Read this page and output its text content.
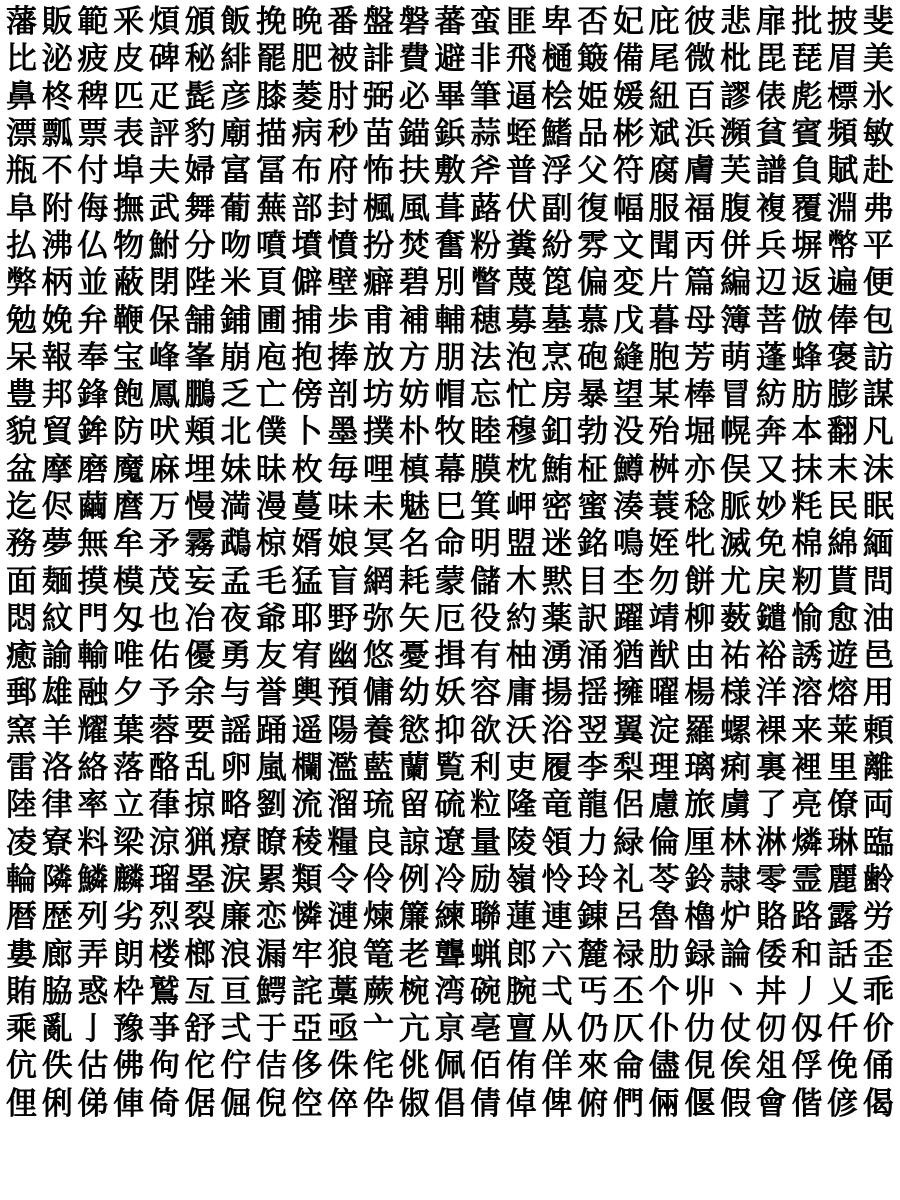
藩 販 範 釆 煩 頒 飯 挽 晩 番 盤 磐 蕃 蛮 匪 卑 否 妃 庇 彼 悲 扉 批 披 斐
比 泌 疲 皮 碑 秘 緋 罷 肥 被 誹 費 避 非 飛 樋 簸 備 尾 微 枇 毘 琵 眉 美
鼻 柊 稗 匹 疋 髭 彦 膝 菱 肘 弼 必 畢 筆 逼 桧 姫 媛 紐 百 謬 俵 彪 標 氷
漂 瓢 票 表 評 豹 廟 描 病 秒 苗 錨 鋲 蒜 蛭 鰭 品 彬 斌 浜 瀕 貧 賓 頻 敏
瓶 不 付 埠 夫 婦 富 冨 布 府 怖 扶 敷 斧 普 浮 父 符 腐 膚 芙 譜 負 賦 赴
阜 附 侮 撫 武 舞 葡 蕪 部 封 楓 風 葺 蕗 伏 副 復 幅 服 福 腹 複 覆 淵 弗
払 沸 仏 物 鮒 分 吻 噴 墳 憤 扮 焚 奮 粉 糞 紛 雰 文 聞 丙 併 兵 塀 幣 平
弊 柄 並 蔽 閉 陛 米 頁 僻 壁 癖 碧 別 瞥 蔑 箆 偏 変 片 篇 編 辺 返 遍 便
勉 娩 弁 鞭 保 舗 鋪 圃 捕 歩 甫 補 輔 穂 募 墓 慕 戊 暮 母 簿 菩 倣 俸 包
呆 報 奉 宝 峰 峯 崩 庖 抱 捧 放 方 朋 法 泡 烹 砲 縫 胞 芳 萌 蓬 蜂 褒 訪
豊 邦 鋒 飽 鳳 鵬 乏 亡 傍 剖 坊 妨 帽 忘 忙 房 暴 望 某 棒 冒 紡 肪 膨 謀
貌 貿 鉾 防 吠 頬 北 僕 卜 墨 撲 朴 牧 睦 穆 釦 勃 没 殆 堀 幌 奔 本 翻 凡
盆 摩 磨 魔 麻 埋 妹 昧 枚 毎 哩 槙 幕 膜 枕 鮪 柾 鱒 桝 亦 俣 又 抹 末 沫
迄 侭 繭 麿 万 慢 満 漫 蔓 味 未 魅 巳 箕 岬 密 蜜 湊 蓑 稔 脈 妙 粍 民 眠
務 夢 無 牟 矛 霧 鵡 椋 婿 娘 冥 名 命 明 盟 迷 銘 鳴 姪 牝 滅 免 棉 綿 緬
面 麺 摸 模 茂 妄 孟 毛 猛 盲 網 耗 蒙 儲 木 黙 目 杢 勿 餅 尤 戻 籾 貰 問
悶 紋 門 匁 也 冶 夜 爺 耶 野 弥 矢 厄 役 約 薬 訳 躍 靖 柳 薮 鑓 愉 愈 油
癒 諭 輸 唯 佑 優 勇 友 宥 幽 悠 憂 揖 有 柚 湧 涌 猶 猷 由 祐 裕 誘 遊 邑
郵 雄 融 夕 予 余 与 誉 輿 預 傭 幼 妖 容 庸 揚 揺 擁 曜 楊 様 洋 溶 熔 用
窯 羊 耀 葉 蓉 要 謡 踊 遥 陽 養 慾 抑 欲 沃 浴 翌 翼 淀 羅 螺 裸 来 莱 頼
雷 洛 絡 落 酪 乱 卵 嵐 欄 濫 藍 蘭 覧 利 吏 履 李 梨 理 璃 痢 裏 裡 里 離
陸 律 率 立 葎 掠 略 劉 流 溜 琉 留 硫 粒 隆 竜 龍 侶 慮 旅 虜 了 亮 僚 両
凌 寮 料 梁 涼 猟 療 瞭 稜 糧 良 諒 遼 量 陵 領 力 緑 倫 厘 林 淋 燐 琳 臨
輪 隣 鱗 麟 瑠 塁 涙 累 類 令 伶 例 冷 励 嶺 怜 玲 礼 苓 鈴 隷 零 霊 麗 齢
暦 歴 列 劣 烈 裂 廉 恋 憐 漣 煉 簾 練 聯 蓮 連 錬 呂 魯 櫓 炉 賂 路 露 労
婁 廊 弄 朗 楼 榔 浪 漏 牢 狼 篭 老 聾 蝋 郎 六 麓 禄 肋 録 論 倭 和 話 歪
賄 脇 惑 枠 鷲 亙 亘 鰐 詫 藁 蕨 椀 湾 碗 腕 弌 丐 丕 个 丱 丶 丼 丿 乂 乖
乘 亂 亅 豫 亊 舒 弍 于 亞 亟 亠 亢 亰 亳 亶 从 仍 仄 仆 仂 仗 仞 仭 仟 价
伉 佚 估 佛 佝 佗 佇 佶 侈 侏 侘 佻 佩 佰 侑 佯 來 侖 儘 俔 俟 俎 俘 俛 俑
俚 俐 俤 俥 倚 倨 倔 倪 倥 倅 伜 俶 倡 倩 倬 俾 俯 們 倆 偃 假 會 偕 偐 偈
